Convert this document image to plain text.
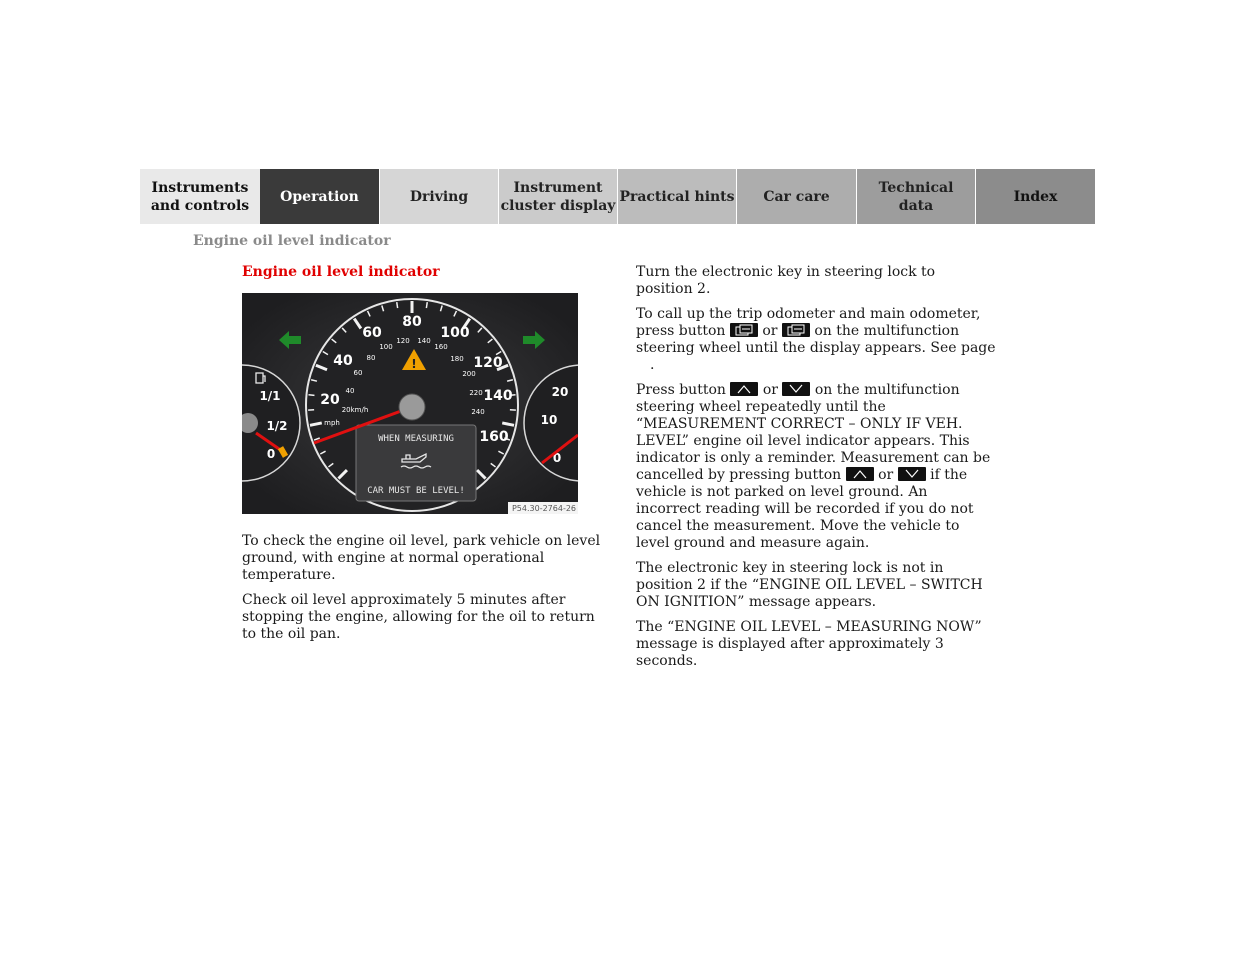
Instruments
and controls
Operation	Driving
Instrument
cluster display
Practical hints Car care
Technical
data
Index
Engine oil level indicator
Engine oil level indicator
WHEN MEASURING
CAR MUST BE LEVEL!
!
20
40
60
80
100
120
140
160
20km/h
40
60
80
100
120 140
160
180
200
220
240
mph
1/1
1/2
0
20
10
0
P54.30-2764-26

To check the engine oil level, park vehicle on level ground, with engine at normal operational temperature.

Check oil level approximately 5 minutes after stopping the engine, allowing for the oil to return to the oil pan.

Turn the electronic key in steering lock to position 2.

To call up the trip odometer and main odometer, press button	or	on the multifunction steering wheel until the display appears. See page .

Press button	or	on the multifunction steering wheel repeatedly until the “MEASUREMENT CORRECT – ONLY IF VEH. LEVEL” engine oil level indicator appears. This indicator is only a reminder. Measurement can be cancelled by pressing button	or	if the vehicle is not parked on level ground. An incorrect reading will be recorded if you do not cancel the measurement. Move the vehicle to level ground and measure again.

The electronic key in steering lock is not in position 2 if the “ENGINE OIL LEVEL – SWITCH ON IGNITION” message appears.

The “ENGINE OIL LEVEL – MEASURING NOW” message is displayed after approximately 3 seconds.
